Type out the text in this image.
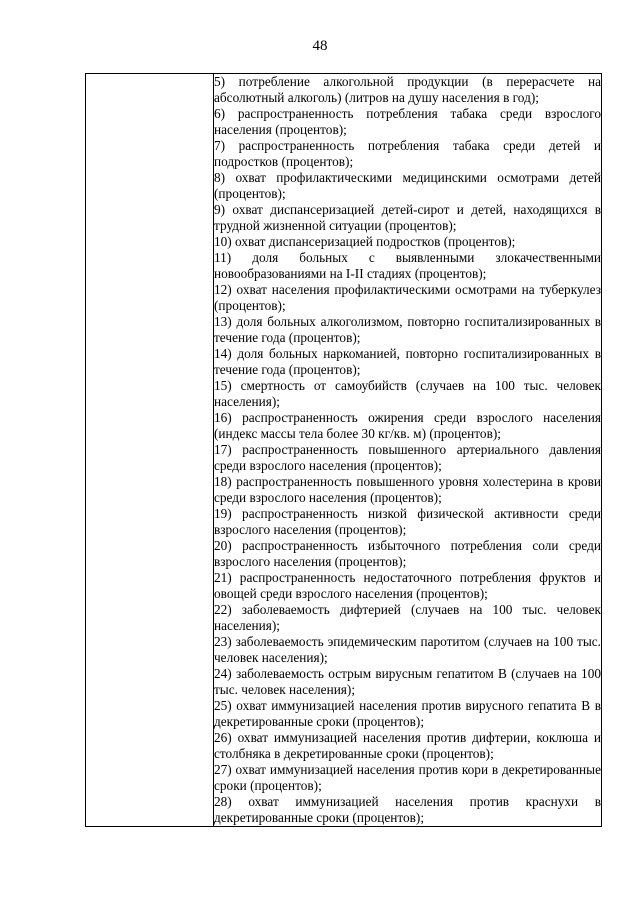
48

5) потребление алкогольной продукции (в перерасчете на абсолютный алкоголь) (литров на душу населения в год);

6) распространенность потребления табака среди взрослого населения (процентов);

7) распространенность потребления табака среди детей и подростков (процентов);

8) охват профилактическими медицинскими осмотрами детей (процентов);

9) охват диспансеризацией детей-сирот и детей, находящихся в трудной жизненной ситуации (процентов);

10) охват диспансеризацией подростков (процентов);

11) доля больных с выявленными злокачественными новообразованиями на I-II стадиях (процентов);

12) охват населения профилактическими осмотрами на туберкулез (процентов);

13) доля больных алкоголизмом, повторно госпитализированных в течение года (процентов);

14) доля больных наркоманией, повторно госпитализированных в течение года (процентов);

15) смертность от самоубийств (случаев на 100 тыс. человек населения);

16) распространенность ожирения среди взрослого населения (индекс массы тела более 30 кг/кв. м) (процентов);

17) распространенность повышенного артериального давления среди взрослого населения (процентов);

18) распространенность повышенного уровня холестерина в крови среди взрослого населения (процентов);

19) распространенность низкой физической активности среди взрослого населения (процентов);

20) распространенность избыточного потребления соли среди взрослого населения (процентов);

21) распространенность недостаточного потребления фруктов и овощей среди взрослого населения (процентов);

22) заболеваемость дифтерией (случаев на 100 тыс. человек населения);

23) заболеваемость эпидемическим паротитом (случаев на 100 тыс. человек населения);

24) заболеваемость острым вирусным гепатитом В (случаев на 100 тыс. человек населения);

25) охват иммунизацией населения против вирусного гепатита В в декретированные сроки (процентов);

26) охват иммунизацией населения против дифтерии, коклюша и столбняка в декретированные сроки (процентов);

27) охват иммунизацией населения против кори в декретированные сроки (процентов);

28) охват иммунизацией населения против краснухи в декретированные сроки (процентов);
